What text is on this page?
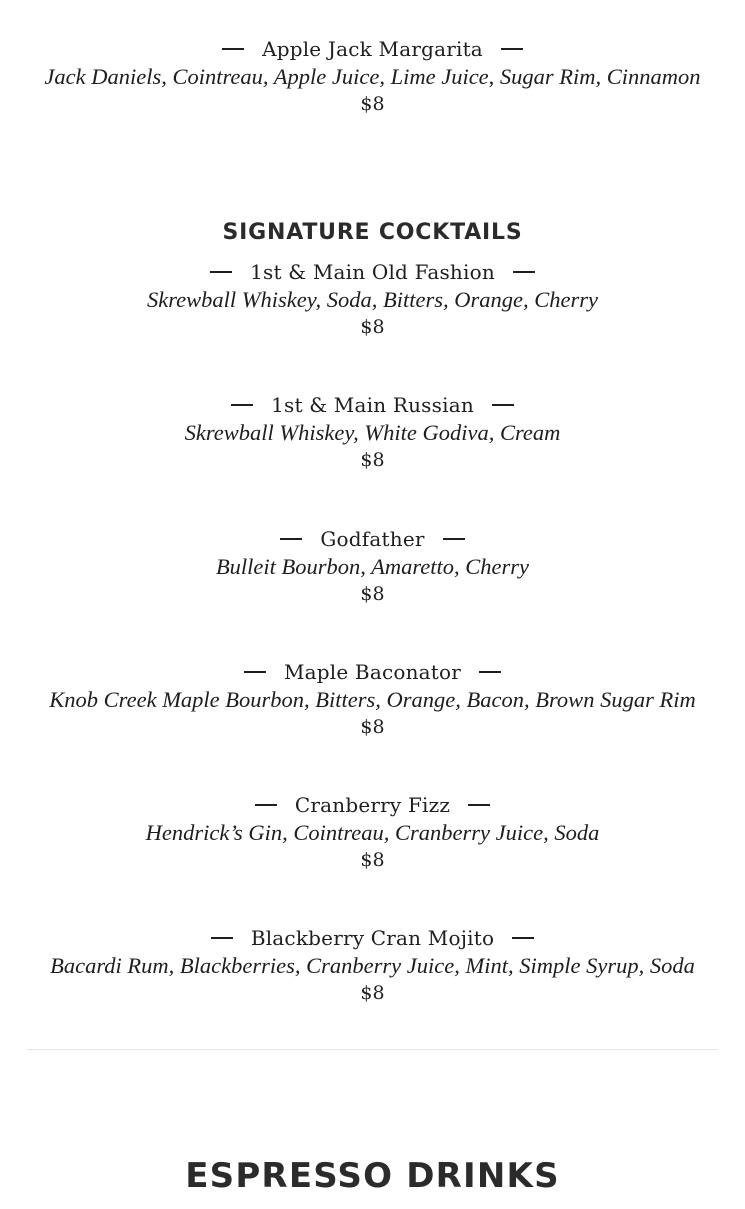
Apple Jack Margarita
Jack Daniels, Cointreau, Apple Juice, Lime Juice, Sugar Rim, Cinnamon
$8
SIGNATURE COCKTAILS
1st & Main Old Fashion
Skrewball Whiskey, Soda, Bitters, Orange, Cherry
$8
1st & Main Russian
Skrewball Whiskey, White Godiva, Cream
$8
Godfather
Bulleit Bourbon, Amaretto, Cherry
$8
Maple Baconator
Knob Creek Maple Bourbon, Bitters, Orange, Bacon, Brown Sugar Rim
$8
Cranberry Fizz
Hendrick’s Gin, Cointreau, Cranberry Juice, Soda
$8
Blackberry Cran Mojito
Bacardi Rum, Blackberries, Cranberry Juice, Mint, Simple Syrup, Soda
$8
ESPRESSO DRINKS
